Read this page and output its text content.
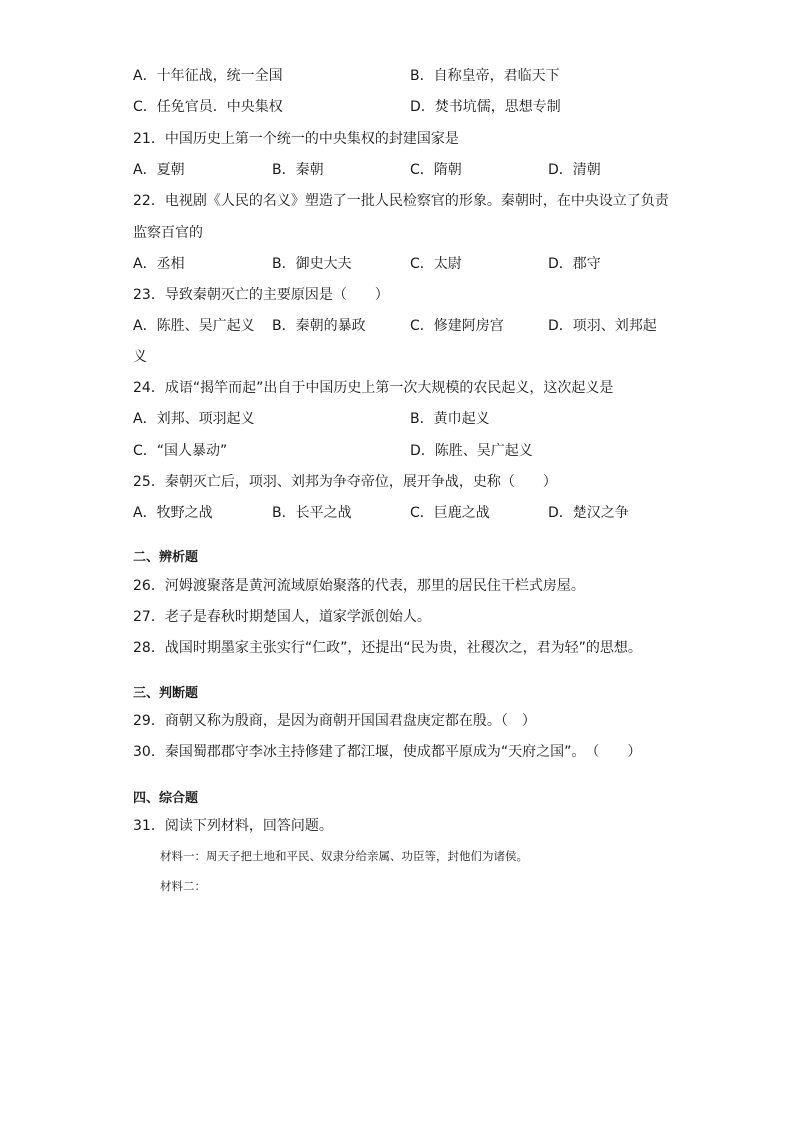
A．十年征战，统一全国	B．自称皇帝，君临天下
C．任免官员．中央集权	D．焚书坑儒，思想专制
21．中国历史上第一个统一的中央集权的封建国家是
A．夏朝	B．秦朝	C．隋朝	D．清朝
22．电视剧《人民的名义》塑造了一批人民检察官的形象。秦朝时，在中央设立了负责
监察百官的
A．丞相	B．御史大夫	C．太尉	D．郡守
23．导致秦朝灭亡的主要原因是（　　）
A．陈胜、吴广起义 B．秦朝的暴政	C．修建阿房宫	D．项羽、刘邦起
义
24．成语“揭竿而起”出自于中国历史上第一次大规模的农民起义，这次起义是
A．刘邦、项羽起义	B．黄巾起义
C．“国人暴动”	D．陈胜、吴广起义
25．秦朝灭亡后，项羽、刘邦为争夺帝位，展开争战，史称（　　）
A．牧野之战	B．长平之战	C．巨鹿之战	D．楚汉之争
二、辨析题
26．河姆渡聚落是黄河流域原始聚落的代表，那里的居民住干栏式房屋。
27．老子是春秋时期楚国人，道家学派创始人。
28．战国时期墨家主张实行“仁政”，还提出“民为贵，社稷次之，君为轻”的思想。
三、判断题
29．商朝又称为殷商，是因为商朝开国国君盘庚定都在殷。（　）
30．秦国蜀郡郡守李冰主持修建了都江堰，使成都平原成为“天府之国”。　（　　）
四、综合题
31．阅读下列材料，回答问题。
材料一：周天子把土地和平民、奴隶分给亲属、功臣等，封他们为诸侯。
材料二：
